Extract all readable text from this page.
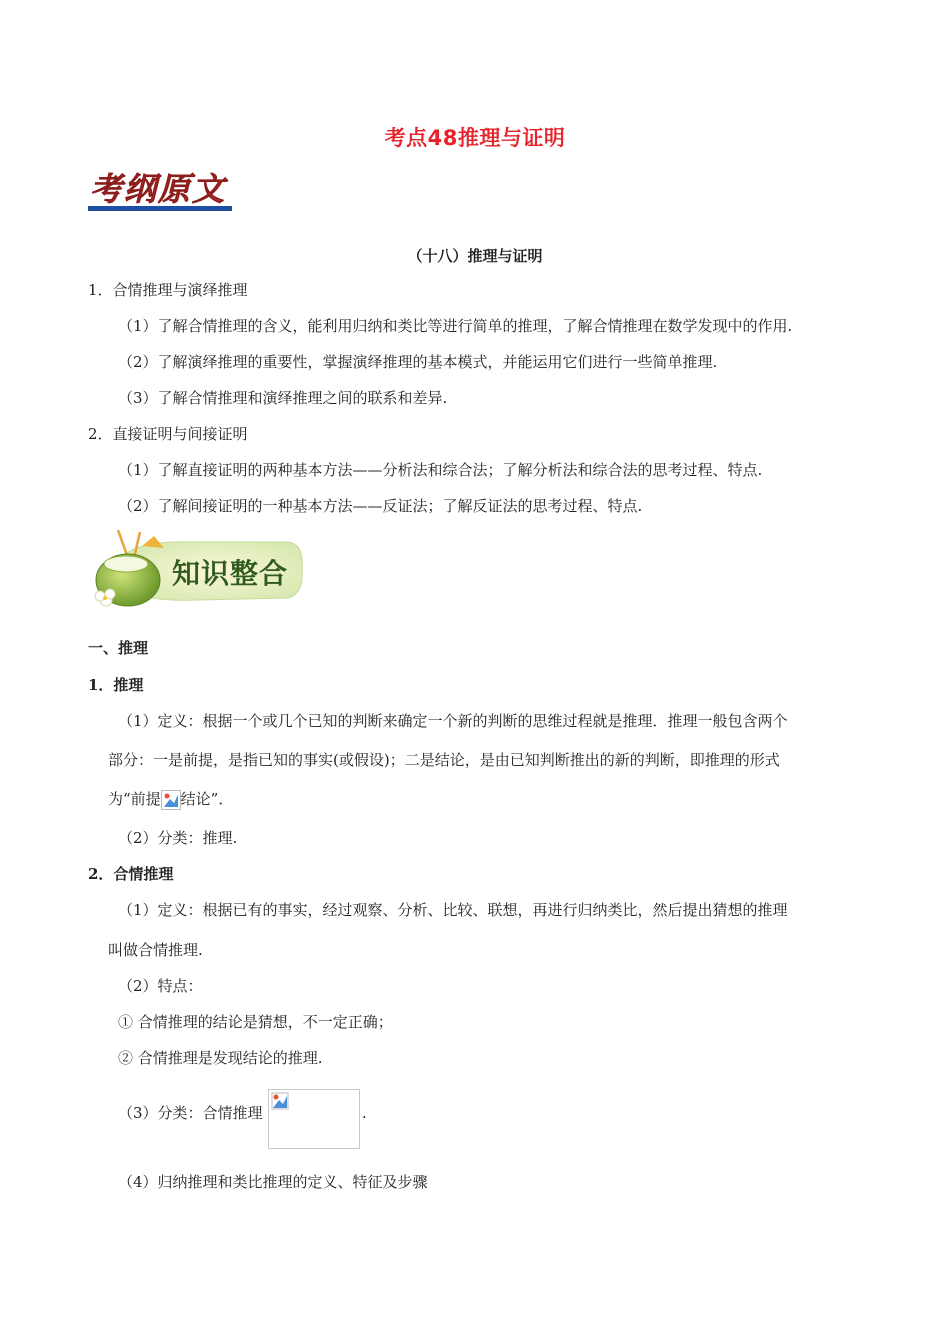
考点48推理与证明
考纲原文
（十八）推理与证明
1．合情推理与演绎推理
（1）了解合情推理的含义，能利用归纳和类比等进行简单的推理，了解合情推理在数学发现中的作用.
（2）了解演绎推理的重要性，掌握演绎推理的基本模式，并能运用它们进行一些简单推理.
（3）了解合情推理和演绎推理之间的联系和差异.
2．直接证明与间接证明
（1）了解直接证明的两种基本方法——分析法和综合法；了解分析法和综合法的思考过程、特点.
（2）了解间接证明的一种基本方法——反证法；了解反证法的思考过程、特点.
知识整合
一、推理
1．推理
（1）定义：根据一个或几个已知的判断来确定一个新的判断的思维过程就是推理．推理一般包含两个
部分：一是前提，是指已知的事实(或假设)；二是结论，是由已知判断推出的新的判断，即推理的形式
为“前提 结论”．
（2）分类：推理.
2．合情推理
（1）定义：根据已有的事实，经过观察、分析、比较、联想，再进行归纳类比，然后提出猜想的推理
叫做合情推理.
（2）特点：
① 合情推理的结论是猜想，不一定正确；
② 合情推理是发现结论的推理.
（3）分类：合情推理	.
（4）归纳推理和类比推理的定义、特征及步骤
